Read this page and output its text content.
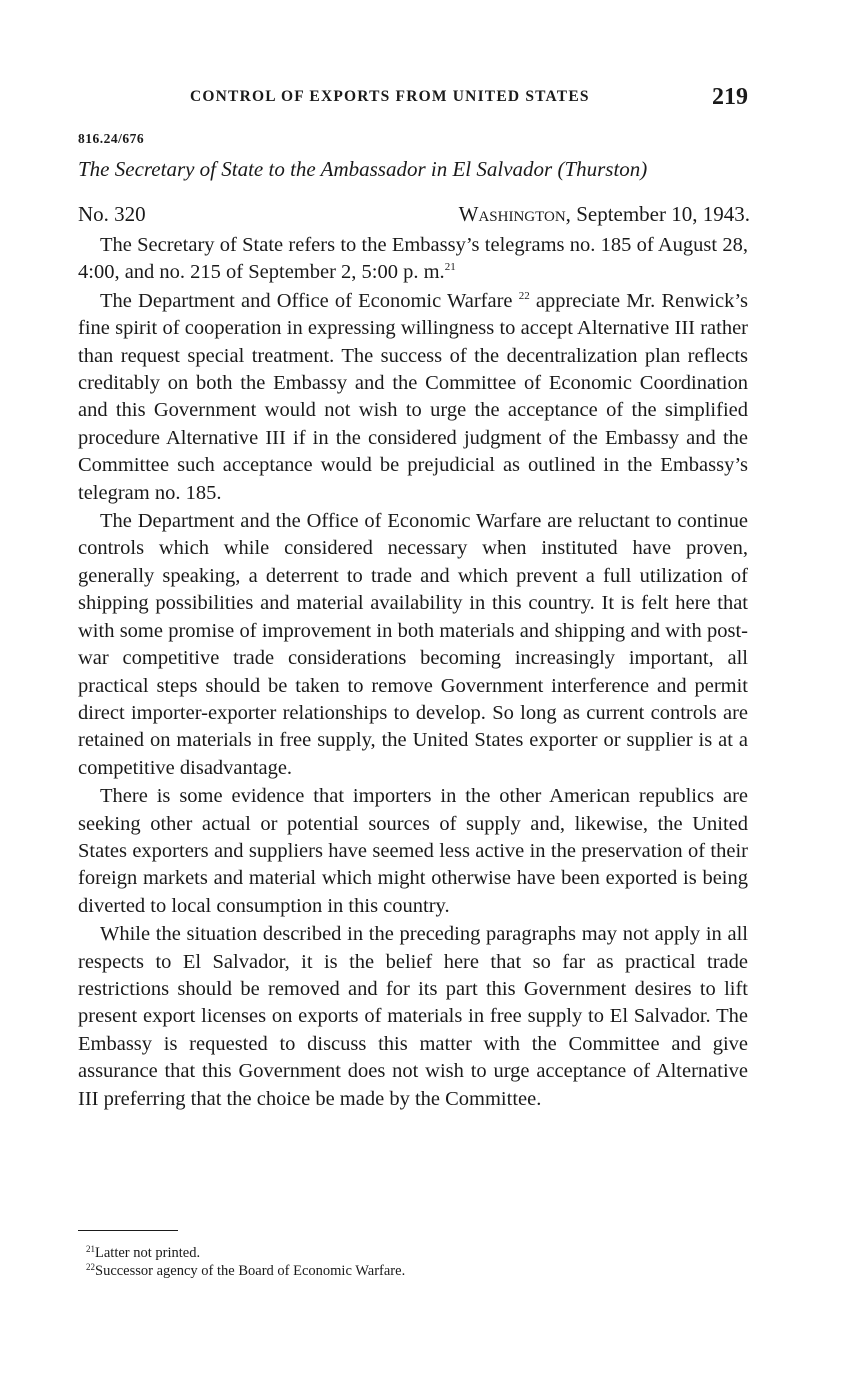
CONTROL OF EXPORTS FROM UNITED STATES	219
816.24/676
The Secretary of State to the Ambassador in El Salvador (Thurston)
No. 320	Washington, September 10, 1943.

The Secretary of State refers to the Embassy’s telegrams no. 185 of August 28, 4:00, and no. 215 of September 2, 5:00 p. m.$^{21}$

The Department and Office of Economic Warfare $^{22}$ appreciate Mr. Renwick’s fine spirit of cooperation in expressing willingness to accept Alternative III rather than request special treatment. The success of the decentralization plan reflects creditably on both the Embassy and the Committee of Economic Coordination and this Government would not wish to urge the acceptance of the simplified procedure Alternative III if in the considered judgment of the Embassy and the Committee such acceptance would be prejudicial as outlined in the Embassy’s telegram no. 185.

The Department and the Office of Economic Warfare are reluctant to continue controls which while considered necessary when instituted have proven, generally speaking, a deterrent to trade and which prevent a full utilization of shipping possibilities and material availability in this country. It is felt here that with some promise of improvement in both materials and shipping and with post-war competitive trade considerations becoming increasingly important, all practical steps should be taken to remove Government interference and permit direct importer-exporter relationships to develop. So long as current controls are retained on materials in free supply, the United States exporter or supplier is at a competitive disadvantage.

There is some evidence that importers in the other American republics are seeking other actual or potential sources of supply and, likewise, the United States exporters and suppliers have seemed less active in the preservation of their foreign markets and material which might otherwise have been exported is being diverted to local consumption in this country.

While the situation described in the preceding paragraphs may not apply in all respects to El Salvador, it is the belief here that so far as practical trade restrictions should be removed and for its part this Government desires to lift present export licenses on exports of materials in free supply to El Salvador. The Embassy is requested to discuss this matter with the Committee and give assurance that this Government does not wish to urge acceptance of Alternative III preferring that the choice be made by the Committee.

$^{21}$Latter not printed.
$^{22}$Successor agency of the Board of Economic Warfare.
